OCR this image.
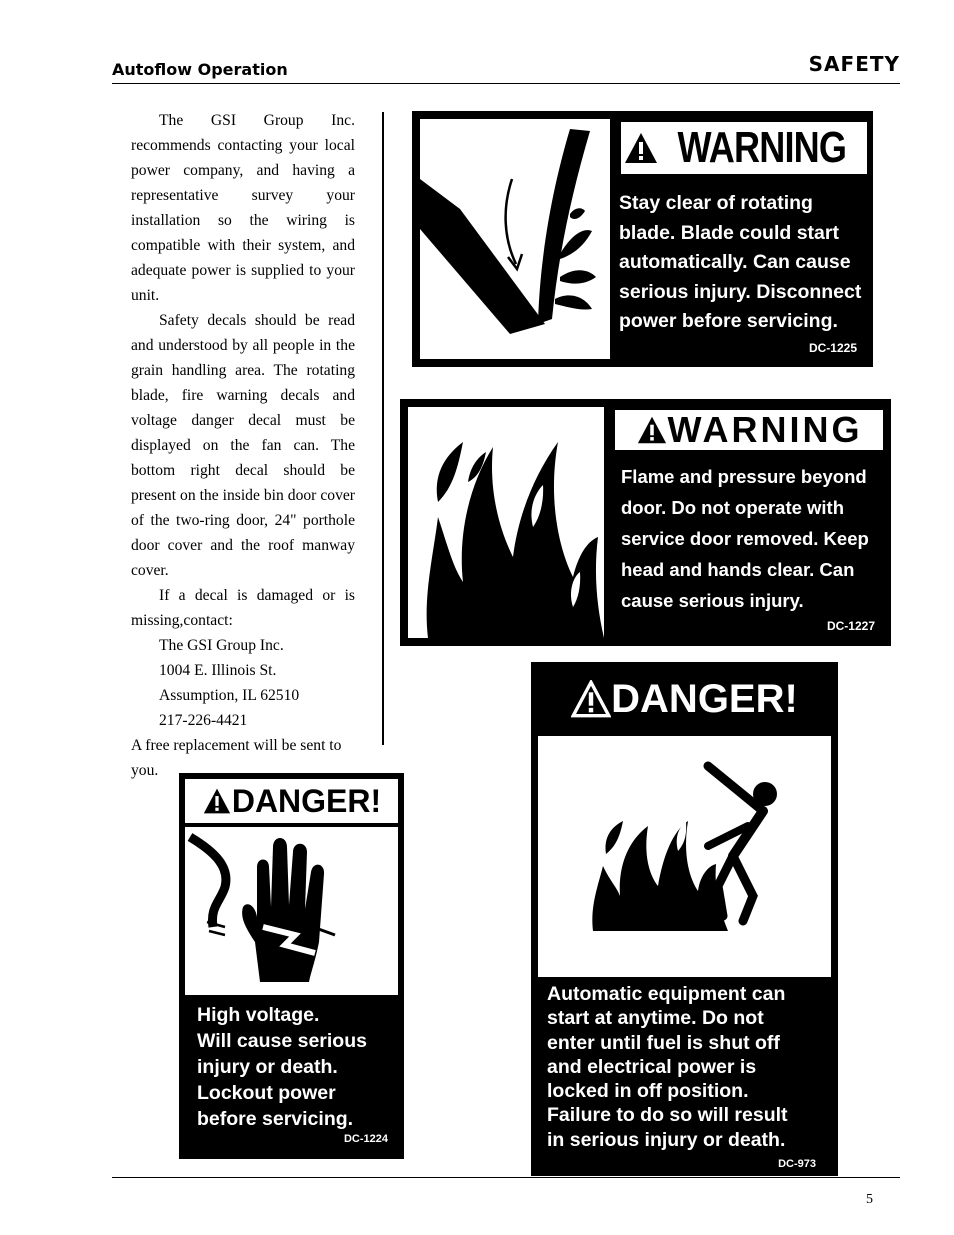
Autoflow Operation	SAFETY

The GSI Group Inc. recommends contacting your local power company, and having a representative survey your installation so the wiring is compatible with their system, and adequate power is supplied to your unit.

Safety decals should be read and understood by all people in the grain handling area. The rotating blade, fire warning decals and voltage danger decal must be displayed on the fan can. The bottom right decal should be present on the inside bin door cover of the two-ring door, 24" porthole door cover and the roof manway cover.

If a decal is damaged or is missing,contact:

The GSI Group Inc.

1004 E. Illinois St.

Assumption, IL 62510

217-226-4421

A free replacement will be sent to you.

WARNING
Stay clear of rotating blade. Blade could start automatically. Can cause serious injury. Disconnect power before servicing.
DC-1225
WARNING
Flame and pressure beyond door. Do not operate with service door removed. Keep head and hands clear. Can cause serious injury.
DC-1227
DANGER!
High voltage.
Will cause serious
injury or death.
Lockout power
before servicing.
DC-1224
DANGER!
Automatic equipment can
start at anytime. Do not
enter until fuel is shut off
and electrical power is
locked in off position.
Failure to do so will result
in serious injury or death.
DC-973
5
